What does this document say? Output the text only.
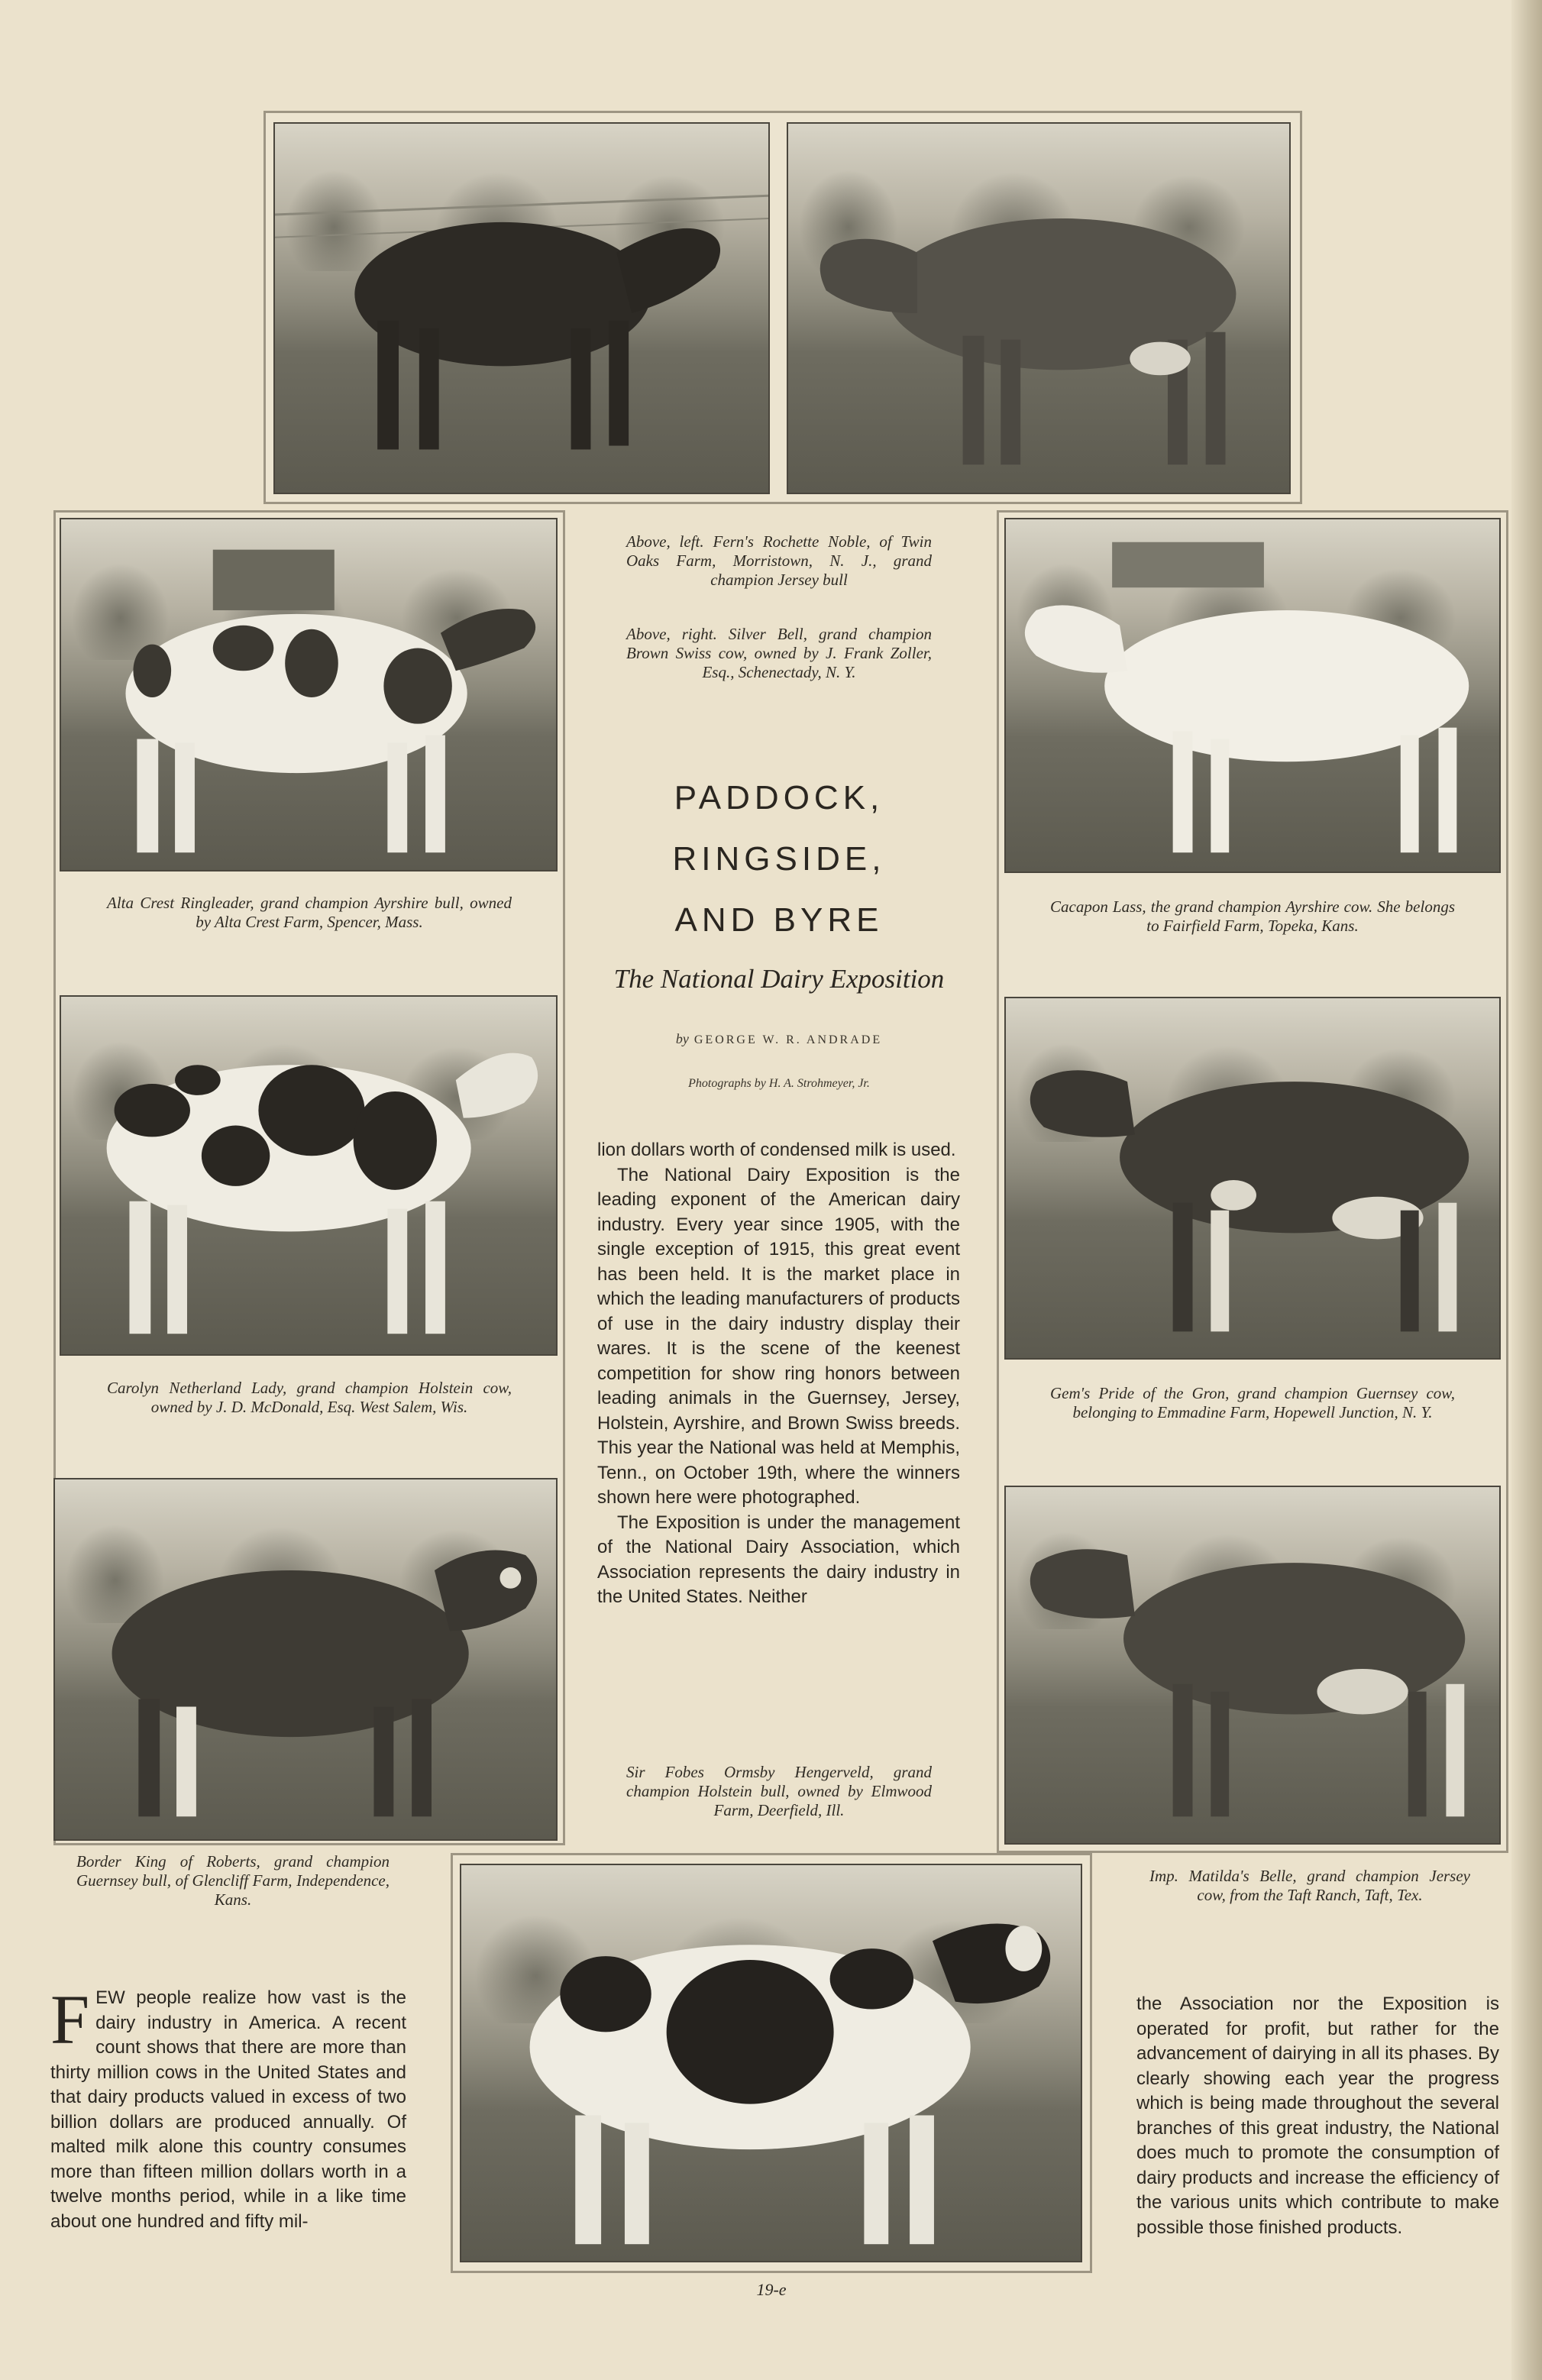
Alta Crest Ringleader, grand champion Ayrshire bull, owned by Alta Crest Farm, Spencer, Mass.
Carolyn Netherland Lady, grand champion Holstein cow, owned by J. D. McDonald, Esq. West Salem, Wis.
Border King of Roberts, grand champion Guernsey bull, of Glencliff Farm, Independence, Kans.
Cacapon Lass, the grand champion Ayrshire cow. She belongs to Fairfield Farm, Topeka, Kans.
Gem's Pride of the Gron, grand champion Guernsey cow, belonging to Emmadine Farm, Hopewell Junction, N. Y.
Imp. Matilda's Belle, grand champion Jersey cow, from the Taft Ranch, Taft, Tex.
Above, left. Fern's Rochette Noble, of Twin Oaks Farm, Morristown, N. J., grand champion Jersey bull
Above, right. Silver Bell, grand champion Brown Swiss cow, owned by J. Frank Zoller, Esq., Schenectady, N. Y.
PADDOCK,
RINGSIDE,
AND BYRE
The National Dairy Exposition
by GEORGE W. R. ANDRADE
Photographs by H. A. Strohmeyer, Jr.

lion dollars worth of condensed milk is used.

The National Dairy Exposition is the leading exponent of the American dairy industry. Every year since 1905, with the single exception of 1915, this great event has been held. It is the market place in which the leading manufacturers of products of use in the dairy industry display their wares. It is the scene of the keenest competition for show ring honors between leading animals in the Guernsey, Jersey, Holstein, Ayrshire, and Brown Swiss breeds. This year the National was held at Memphis, Tenn., on October 19th, where the winners shown here were photographed.

The Exposition is under the management of the National Dairy Association, which Association represents the dairy industry in the United States. Neither

Sir Fobes Ormsby Hengerveld, grand champion Holstein bull, owned by Elmwood Farm, Deerfield, Ill.

FEW people realize how vast is the dairy industry in America. A recent count shows that there are more than thirty million cows in the United States and that dairy products valued in excess of two billion dollars are produced annually. Of malted milk alone this country consumes more than fifteen million dollars worth in a twelve months period, while in a like time about one hundred and fifty mil-

the Association nor the Exposition is operated for profit, but rather for the advancement of dairying in all its phases. By clearly showing each year the progress which is being made throughout the several branches of this great industry, the National does much to promote the consumption of dairy products and increase the efficiency of the various units which contribute to make possible those finished products.

19-e
